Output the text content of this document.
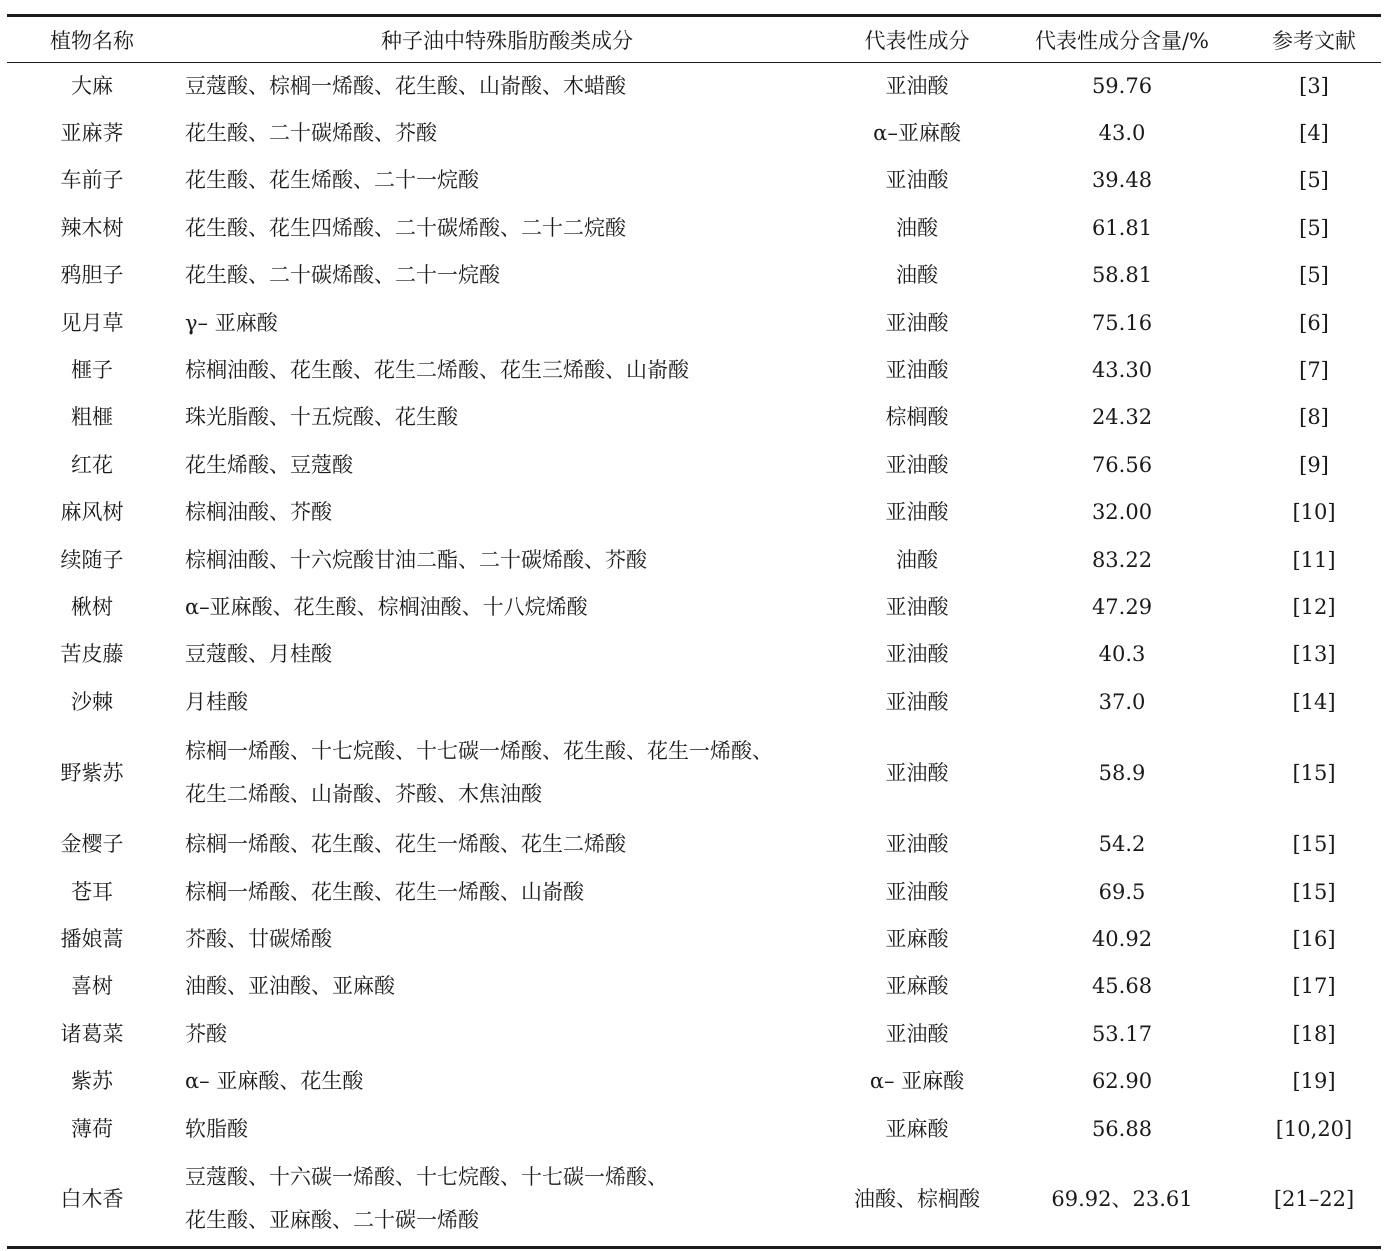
植物名称	种子油中特殊脂肪酸类成分	代表性成分	代表性成分含量/%	参考文献
大麻	豆蔻酸、棕榈一烯酸、花生酸、山嵛酸、木蜡酸	亚油酸	59.76	[3]
亚麻荠	花生酸、二十碳烯酸、芥酸	α–亚麻酸	43.0	[4]
车前子	花生酸、花生烯酸、二十一烷酸	亚油酸	39.48	[5]
辣木树	花生酸、花生四烯酸、二十碳烯酸、二十二烷酸	油酸	61.81	[5]
鸦胆子	花生酸、二十碳烯酸、二十一烷酸	油酸	58.81	[5]
见月草	γ– 亚麻酸	亚油酸	75.16	[6]
榧子	棕榈油酸、花生酸、花生二烯酸、花生三烯酸、山嵛酸	亚油酸	43.30	[7]
粗榧	珠光脂酸、十五烷酸、花生酸	棕榈酸	24.32	[8]
红花	花生烯酸、豆蔻酸	亚油酸	76.56	[9]
麻风树	棕榈油酸、芥酸	亚油酸	32.00	[10]
续随子	棕榈油酸、十六烷酸甘油二酯、二十碳烯酸、芥酸	油酸	83.22	[11]
楸树	α–亚麻酸、花生酸、棕榈油酸、十八烷烯酸	亚油酸	47.29	[12]
苦皮藤	豆蔻酸、月桂酸	亚油酸	40.3	[13]
沙棘	月桂酸	亚油酸	37.0	[14]
野紫苏	棕榈一烯酸、十七烷酸、十七碳一烯酸、花生酸、花生一烯酸、
花生二烯酸、山嵛酸、芥酸、木焦油酸	亚油酸	58.9	[15]
金樱子	棕榈一烯酸、花生酸、花生一烯酸、花生二烯酸	亚油酸	54.2	[15]
苍耳	棕榈一烯酸、花生酸、花生一烯酸、山嵛酸	亚油酸	69.5	[15]
播娘蒿	芥酸、廿碳烯酸	亚麻酸	40.92	[16]
喜树	油酸、亚油酸、亚麻酸	亚麻酸	45.68	[17]
诸葛菜	芥酸	亚油酸	53.17	[18]
紫苏	α– 亚麻酸、花生酸	α– 亚麻酸	62.90	[19]
薄荷	软脂酸	亚麻酸	56.88	[10,20]
白木香	豆蔻酸、十六碳一烯酸、十七烷酸、十七碳一烯酸、
花生酸、亚麻酸、二十碳一烯酸	油酸、棕榈酸	69.92、23.61	[21–22]
